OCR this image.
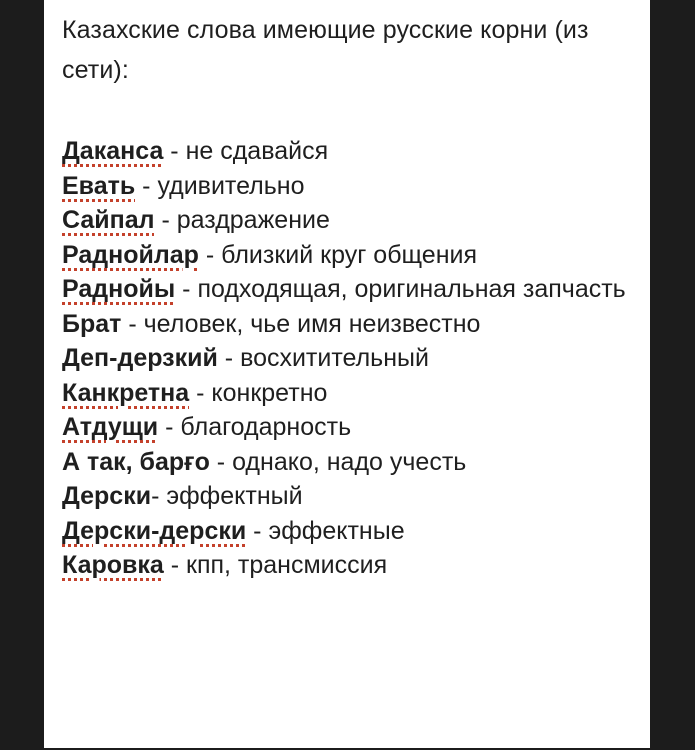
Казахские слова имеющие русские корни (из сети):

Даканса - не сдавайся

Евать - удивительно

Сайпал - раздражение

Раднойлар - близкий круг общения

Раднойы - подходящая, оригинальная запчасть

Брат - человек, чье имя неизвестно

Деп-дерзкий - восхитительный

Канкретна - конкретно

Атдущи - благодарность

А так, барғо - однако, надо учесть

Дерски- эффектный

Дерски-дерски - эффектные

Каровка - кпп, трансмиссия
